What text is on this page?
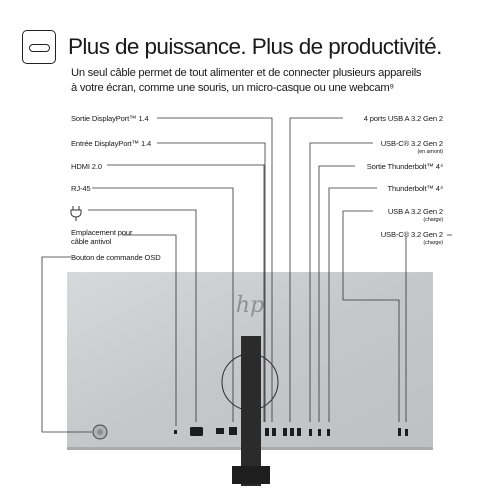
Plus de puissance. Plus de productivité.
Un seul câble permet de tout alimenter et de connecter plusieurs appareils
à votre écran, comme une souris, un micro-casque ou une webcam⁹
Sortie DisplayPort™ 1.4
Entrée DisplayPort™ 1.4
HDMI 2.0
RJ-45
Emplacement pour
câble antivol
Bouton de commande OSD
4 ports USB A 3.2 Gen 2
USB-C® 3.2 Gen 2
(en amont)
Sortie Thunderbolt™ 4⁴
Thunderbolt™ 4⁴
USB A 3.2 Gen 2
(charge)
USB-C® 3.2 Gen 2
(charge)
hp
